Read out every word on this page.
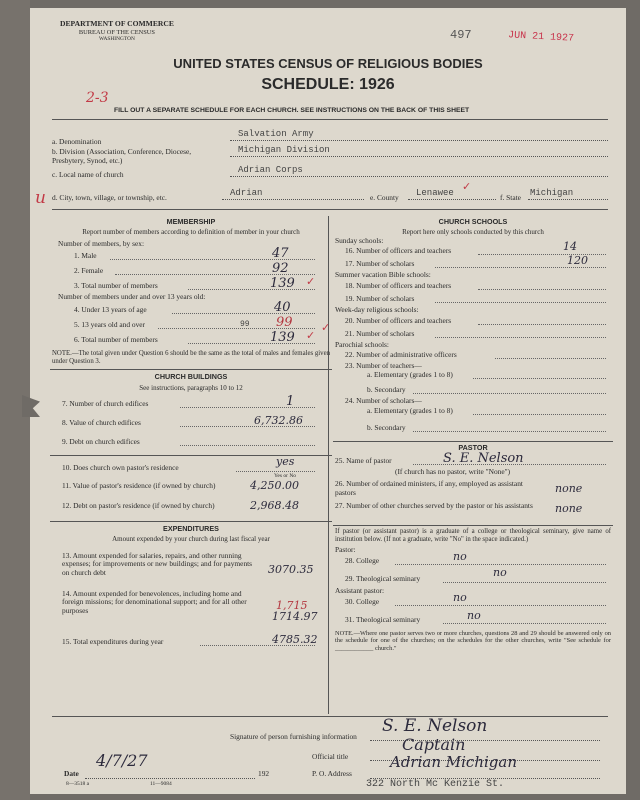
DEPARTMENT OF COMMERCE
BUREAU OF THE CENSUS
WASHINGTON	497	JUN 21 1927
UNITED STATES CENSUS OF RELIGIOUS BODIES
SCHEDULE: 1926
2-3
FILL OUT A SEPARATE SCHEDULE FOR EACH CHURCH. SEE INSTRUCTIONS ON THE BACK OF THIS SHEET
a. Denomination
Salvation Army
b. Division (Association, Conference, Diocese, Presbytery, Synod, etc.)
Michigan Division
c. Local name of church	Adrian Corps
u d. City, town, village, or township, etc.	Adrian	e. County Lenawee ✓
f. State Michigan
MEMBERSHIP
Report number of members according to definition of member in your church
Number of members, by sex:
1. Male	47
2. Female	92
3. Total number of members	139 ✓
Number of members under and over 13 years old:
4. Under 13 years of age	40
5. 13 years old and over	99 99
6. Total number of members	139 ✓
NOTE.—The total given under Question 6 should be the same as the total of males and females given under Question 3.
CHURCH BUILDINGS
See instructions, paragraphs 10 to 12
7. Number of church edifices	1
8. Value of church edifices	6,732.86
9. Debt on church edifices
10. Does church own pastor's residence	yes
Yes or No
11. Value of pastor's residence (if owned by church)	4,250.00
12. Debt on pastor's residence (if owned by church)	2,968.48
EXPENDITURES
Amount expended by your church during last fiscal year
13. Amount expended for salaries, repairs, and other running expenses; for improvements or new buildings; and for payments on church debt	3070.35
14. Amount expended for benevolences, including home and foreign missions; for denominational support; and for all other purposes	1,715
1714.97
15. Total expenditures during year	4785.32
CHURCH SCHOOLS
Report here only schools conducted by this church
Sunday schools:
16. Number of officers and teachers	14
17. Number of scholars	120
Summer vacation Bible schools:
18. Number of officers and teachers
19. Number of scholars
Week-day religious schools:
20. Number of officers and teachers
✓ 21. Number of scholars
Parochial schools:
22. Number of administrative officers
23. Number of teachers—
a. Elementary (grades 1 to 8)
b. Secondary
24. Number of scholars—
a. Elementary (grades 1 to 8)
b. Secondary
PASTOR
25. Name of pastor	S. E. Nelson
(If church has no pastor, write "None")
26. Number of ordained ministers, if any, employed as assistant pastors	none
27. Number of other churches served by the pastor or his assistants none
If pastor (or assistant pastor) is a graduate of a college or theological seminary, give name of institution below. (If not a graduate, write "No" in the space indicated.)
Pastor:
28. College	no
29. Theological seminary	no
Assistant pastor:
30. College	no
31. Theological seminary	no
NOTE.—Where one pastor serves two or more churches, questions 28 and 29 should be answered only on the schedule for one of the churches; on the schedules for the other churches, write "See schedule for ____________ church."
Signature of person furnishing information
S. E. Nelson
Official title
Captain
Date
4/7/27
192
8—3518 a	11—9084
P. O. Address
Adrian Michigan
322 North Mc Kenzie St.
